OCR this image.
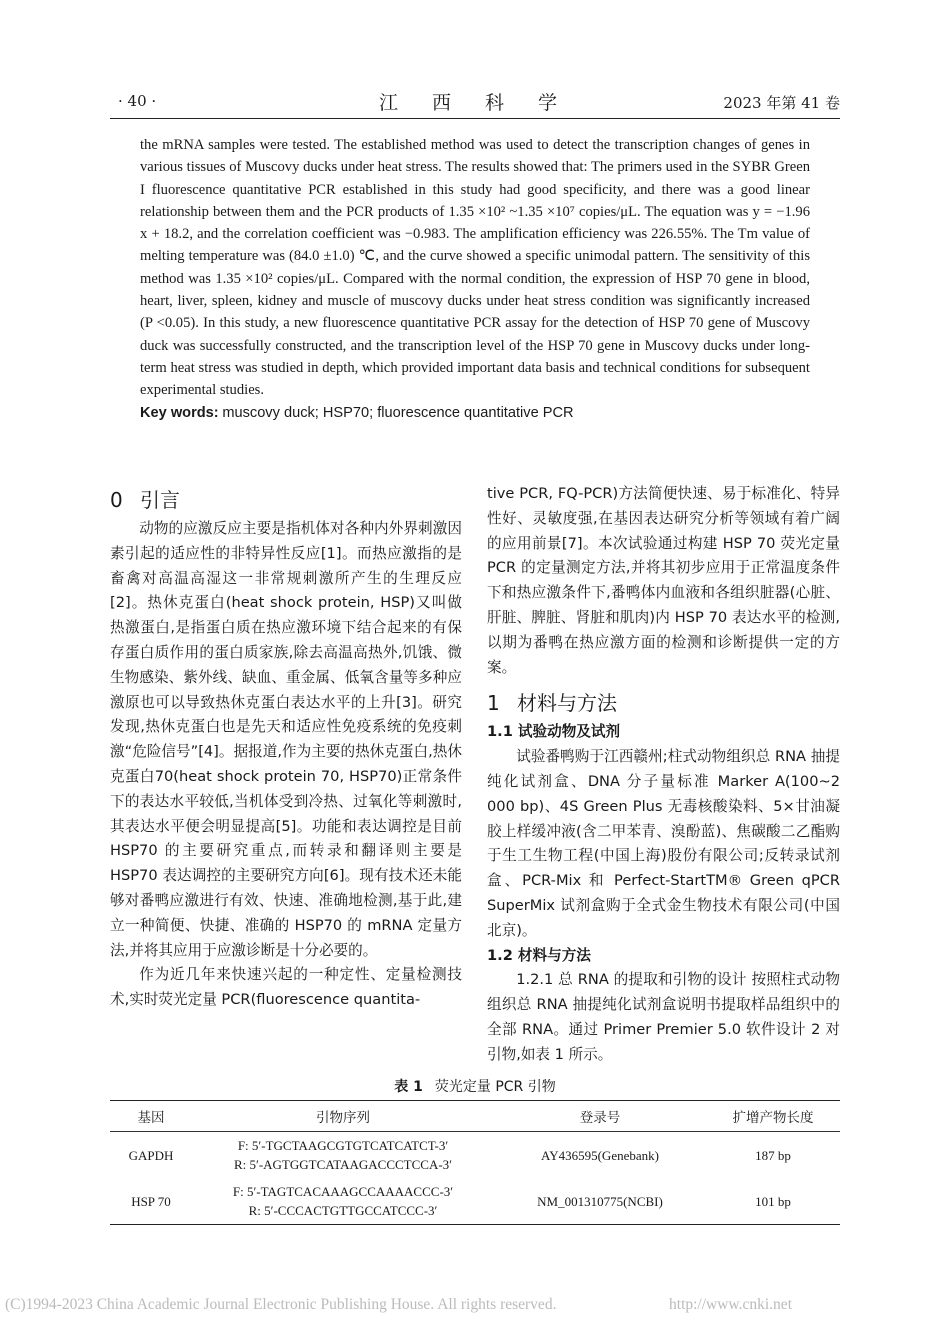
· 40 ·	江 西 科 学	2023 年第 41 卷

the mRNA samples were tested. The established method was used to detect the transcription changes of genes in various tissues of Muscovy ducks under heat stress. The results showed that: The primers used in the SYBR Green I fluorescence quantitative PCR established in this study had good specificity, and there was a good linear relationship between them and the PCR products of 1.35 ×10² ~1.35 ×10⁷ copies/μL. The equation was y = −1.96 x + 18.2, and the correlation coefficient was −0.983. The amplification efficiency was 226.55%. The Tm value of melting temperature was (84.0 ±1.0) ℃, and the curve showed a specific unimodal pattern. The sensitivity of this method was 1.35 ×10² copies/μL. Compared with the normal condition, the expression of HSP 70 gene in blood, heart, liver, spleen, kidney and muscle of muscovy ducks under heat stress condition was significantly increased (P <0.05). In this study, a new fluorescence quantitative PCR assay for the detection of HSP 70 gene of Muscovy duck was successfully constructed, and the transcription level of the HSP 70 gene in Muscovy ducks under long-term heat stress was studied in depth, which provided important data basis and technical conditions for subsequent experimental studies.

Key words: muscovy duck; HSP70; fluorescence quantitative PCR

0 引言

动物的应激反应主要是指机体对各种内外界刺激因素引起的适应性的非特异性反应[1]。而热应激指的是畜禽对高温高湿这一非常规刺激所产生的生理反应[2]。热休克蛋白(heat shock protein, HSP)又叫做热激蛋白,是指蛋白质在热应激环境下结合起来的有保存蛋白质作用的蛋白质家族,除去高温高热外,饥饿、微生物感染、紫外线、缺血、重金属、低氧含量等多种应激原也可以导致热休克蛋白表达水平的上升[3]。研究发现,热休克蛋白也是先天和适应性免疫系统的免疫刺激“危险信号”[4]。据报道,作为主要的热休克蛋白,热休克蛋白70(heat shock protein 70, HSP70)正常条件下的表达水平较低,当机体受到冷热、过氧化等刺激时,其表达水平便会明显提高[5]。功能和表达调控是目前 HSP70 的主要研究重点,而转录和翻译则主要是 HSP70 表达调控的主要研究方向[6]。现有技术还未能够对番鸭应激进行有效、快速、准确地检测,基于此,建立一种简便、快捷、准确的 HSP70 的 mRNA 定量方法,并将其应用于应激诊断是十分必要的。

作为近几年来快速兴起的一种定性、定量检测技术,实时荧光定量 PCR(fluorescence quantita-

tive PCR, FQ-PCR)方法简便快速、易于标准化、特异性好、灵敏度强,在基因表达研究分析等领域有着广阔的应用前景[7]。本次试验通过构建 HSP 70 荧光定量 PCR 的定量测定方法,并将其初步应用于正常温度条件下和热应激条件下,番鸭体内血液和各组织脏器(心脏、肝脏、脾脏、肾脏和肌肉)内 HSP 70 表达水平的检测,以期为番鸭在热应激方面的检测和诊断提供一定的方案。

1 材料与方法

1.1 试验动物及试剂

试验番鸭购于江西赣州;柱式动物组织总 RNA 抽提纯化试剂盒、DNA 分子量标准 Marker A(100~2 000 bp)、4S Green Plus 无毒核酸染料、5×甘油凝胶上样缓冲液(含二甲苯青、溴酚蓝)、焦碳酸二乙酯购于生工生物工程(中国上海)股份有限公司;反转录试剂盒、PCR-Mix 和 Perfect-StartTM® Green qPCR SuperMix 试剂盒购于全式金生物技术有限公司(中国北京)。

1.2 材料与方法

1.2.1 总 RNA 的提取和引物的设计 按照柱式动物组织总 RNA 抽提纯化试剂盒说明书提取样品组织中的全部 RNA。通过 Primer Premier 5.0 软件设计 2 对引物,如表 1 所示。

表 1 荧光定量 PCR 引物
基因	引物序列	登录号	扩增产物长度
GAPDH	F: 5′-TGCTAAGCGTGTCATCATCT-3′
R: 5′-AGTGGTCATAAGACCCTCCA-3′	AY436595(Genebank)	187 bp
HSP 70	F: 5′-TAGTCACAAAGCCAAAACCC-3′
R: 5′-CCCACTGTTGCCATCCC-3′	NM_001310775(NCBI)	101 bp
(C)1994-2023 China Academic Journal Electronic Publishing House. All rights reserved.	http://www.cnki.net
